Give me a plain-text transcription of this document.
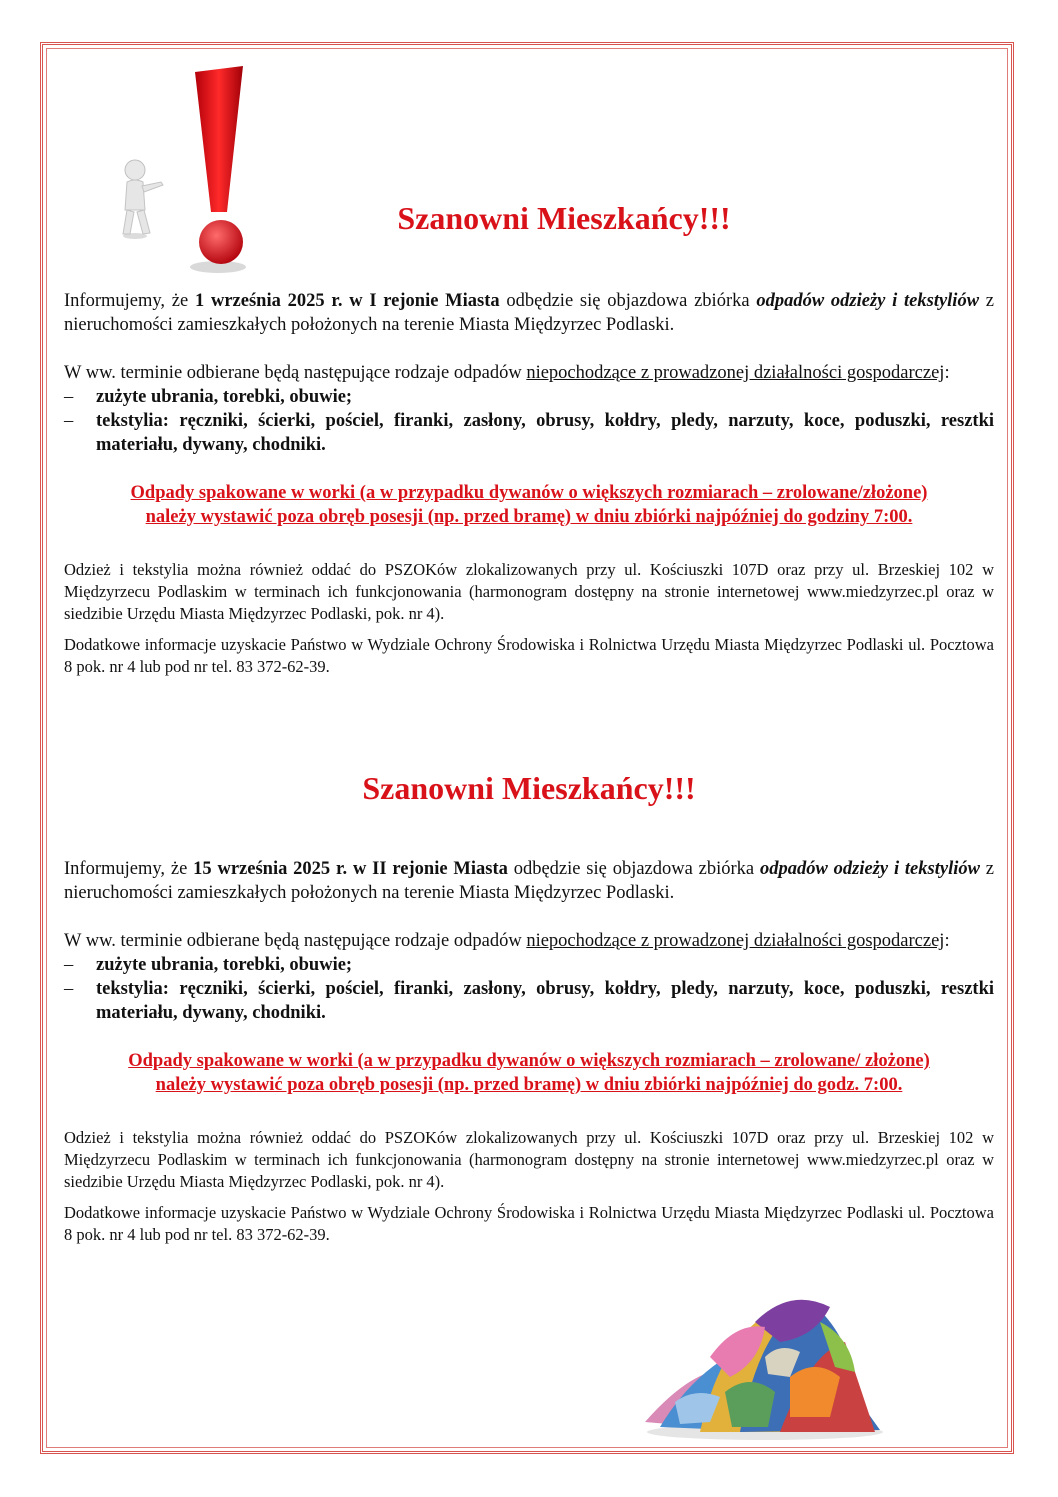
Szanowni Mieszkańcy!!!

Informujemy, że 1 września 2025 r. w I rejonie Miasta odbędzie się objazdowa zbiórka odpadów odzieży i tekstyliów z nieruchomości zamieszkałych położonych na terenie Miasta Międzyrzec Podlaski.

W ww. terminie odbierane będą następujące rodzaje odpadów niepochodzące z prowadzonej działalności gospodarczej:

– zużyte ubrania, torebki, obuwie;
– tekstylia: ręczniki, ścierki, pościel, firanki, zasłony, obrusy, kołdry, pledy, narzuty, koce, poduszki, resztki materiału, dywany, chodniki.
Odpady spakowane w worki (a w przypadku dywanów o większych rozmiarach – zrolowane/złożone)
należy wystawić poza obręb posesji (np. przed bramę) w dniu zbiórki najpóźniej do godziny 7:00.

Odzież i tekstylia można również oddać do PSZOKów zlokalizowanych przy ul. Kościuszki 107D oraz przy ul. Brzeskiej 102 w Międzyrzecu Podlaskim w terminach ich funkcjonowania (harmonogram dostępny na stronie internetowej www.miedzyrzec.pl oraz w siedzibie Urzędu Miasta Międzyrzec Podlaski, pok. nr 4).

Dodatkowe informacje uzyskacie Państwo w Wydziale Ochrony Środowiska i Rolnictwa Urzędu Miasta Międzyrzec Podlaski ul. Pocztowa 8 pok. nr 4 lub pod nr tel. 83 372-62-39.

Szanowni Mieszkańcy!!!

Informujemy, że 15 września 2025 r. w II rejonie Miasta odbędzie się objazdowa zbiórka odpadów odzieży i tekstyliów z nieruchomości zamieszkałych położonych na terenie Miasta Międzyrzec Podlaski.

W ww. terminie odbierane będą następujące rodzaje odpadów niepochodzące z prowadzonej działalności gospodarczej:

– zużyte ubrania, torebki, obuwie;
– tekstylia: ręczniki, ścierki, pościel, firanki, zasłony, obrusy, kołdry, pledy, narzuty, koce, poduszki, resztki materiału, dywany, chodniki.
Odpady spakowane w worki (a w przypadku dywanów o większych rozmiarach – zrolowane/ złożone)
należy wystawić poza obręb posesji (np. przed bramę) w dniu zbiórki najpóźniej do godz. 7:00.

Odzież i tekstylia można również oddać do PSZOKów zlokalizowanych przy ul. Kościuszki 107D oraz przy ul. Brzeskiej 102 w Międzyrzecu Podlaskim w terminach ich funkcjonowania (harmonogram dostępny na stronie internetowej www.miedzyrzec.pl oraz w siedzibie Urzędu Miasta Międzyrzec Podlaski, pok. nr 4).

Dodatkowe informacje uzyskacie Państwo w Wydziale Ochrony Środowiska i Rolnictwa Urzędu Miasta Międzyrzec Podlaski ul. Pocztowa 8 pok. nr 4 lub pod nr tel. 83 372-62-39.
